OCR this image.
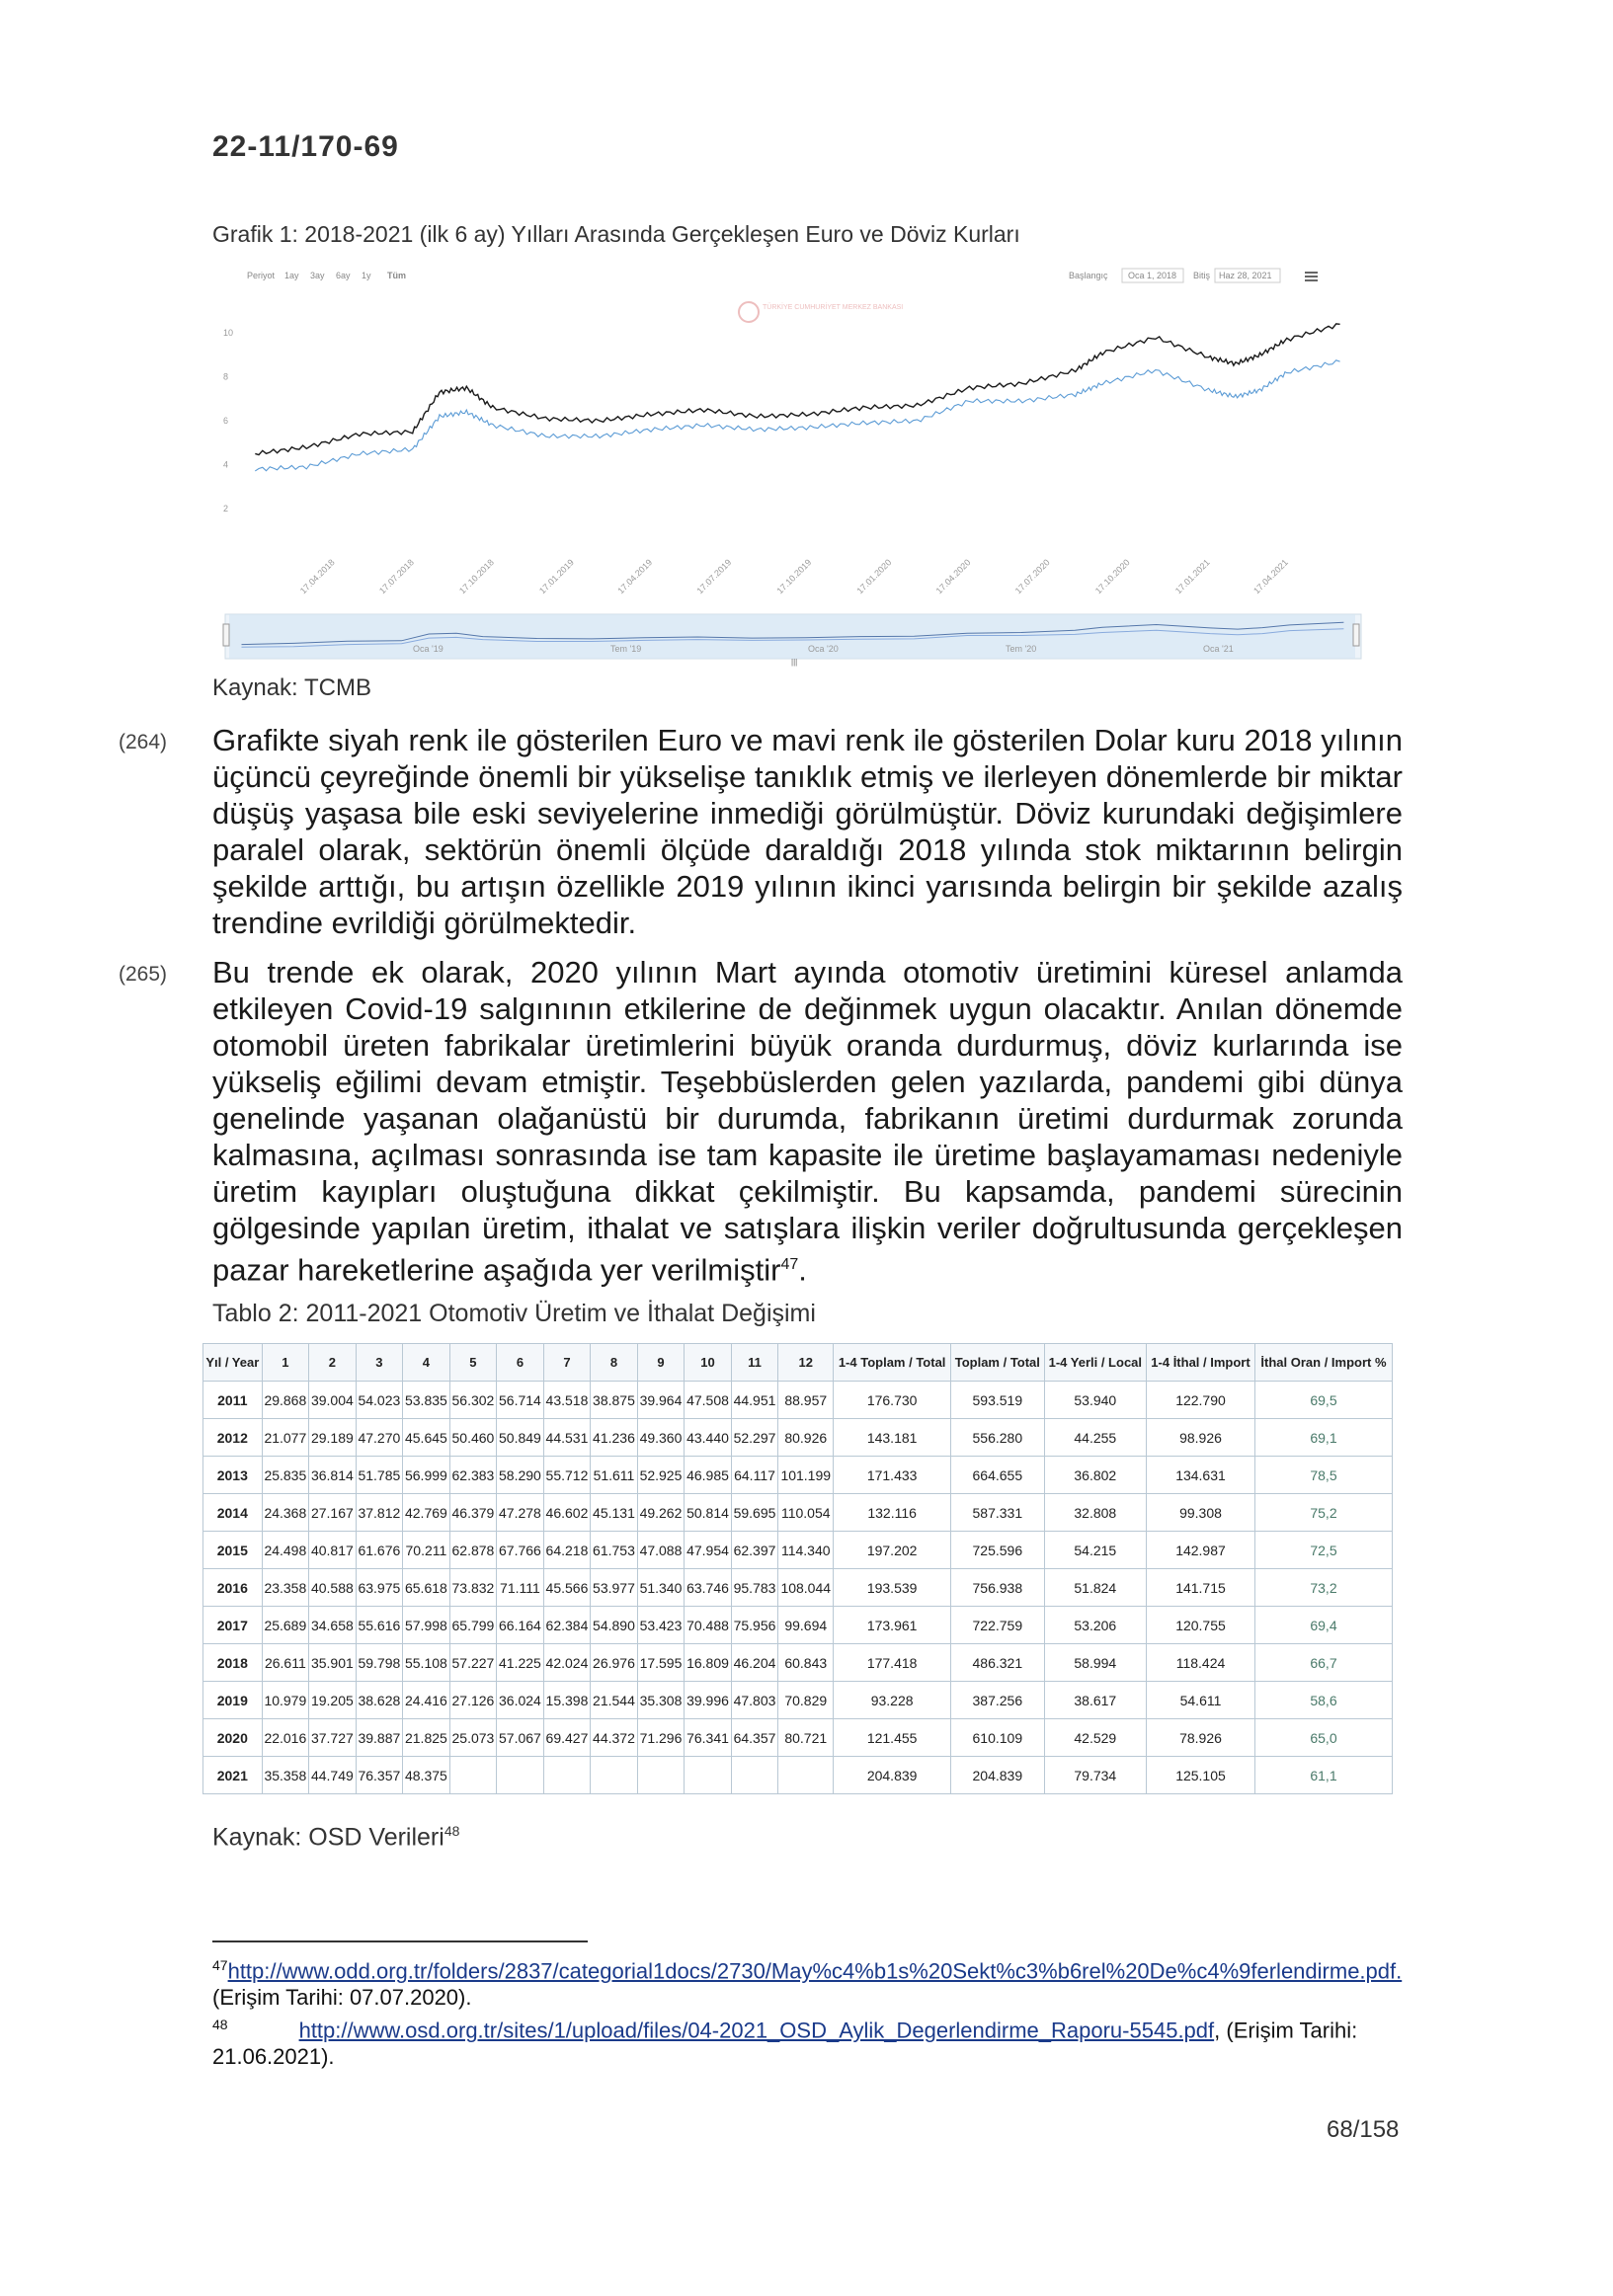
22-11/170-69
Grafik 1: 2018-2021 (ilk 6 ay) Yılları Arasında Gerçekleşen Euro ve Döviz Kurları
Periyot 1ay 3ay 6ay 1y Tüm	Başlangıç Oca 1, 2018 Bitiş Haz 28, 2021
TÜRKİYE CUMHURİYET MERKEZ BANKASI
2
4
6
8
10
17.04.2018	17.07.2018	17.10.2018	17.01.2019	17.04.2019	17.07.2019	17.10.2019	17.01.2020	17.04.2020	17.07.2020	17.10.2020	17.01.2021	17.04.2021
Oca '19	Tem '19	Oca '20	Tem '20	Oca '21
|||
Kaynak: TCMB
(264) Grafikte siyah renk ile gösterilen Euro ve mavi renk ile gösterilen Dolar kuru 2018 yılının üçüncü çeyreğinde önemli bir yükselişe tanıklık etmiş ve ilerleyen dönemlerde bir miktar düşüş yaşasa bile eski seviyelerine inmediği görülmüştür. Döviz kurundaki değişimlere paralel olarak, sektörün önemli ölçüde daraldığı 2018 yılında stok miktarının belirgin şekilde arttığı, bu artışın özellikle 2019 yılının ikinci yarısında belirgin bir şekilde azalış trendine evrildiği görülmektedir.
(265) Bu trende ek olarak, 2020 yılının Mart ayında otomotiv üretimini küresel anlamda etkileyen Covid-19 salgınının etkilerine de değinmek uygun olacaktır. Anılan dönemde otomobil üreten fabrikalar üretimlerini büyük oranda durdurmuş, döviz kurlarında ise yükseliş eğilimi devam etmiştir. Teşebbüslerden gelen yazılarda, pandemi gibi dünya genelinde yaşanan olağanüstü bir durumda, fabrikanın üretimi durdurmak zorunda kalmasına, açılması sonrasında ise tam kapasite ile üretime başlayamaması nedeniyle üretim kayıpları oluştuğuna dikkat çekilmiştir. Bu kapsamda, pandemi sürecinin gölgesinde yapılan üretim, ithalat ve satışlara ilişkin veriler doğrultusunda gerçekleşen pazar hareketlerine aşağıda yer verilmiştir$^{47}$.
Tablo 2: 2011-2021 Otomotiv Üretim ve İthalat Değişimi
Yıl / Year	1	2	3	4	5	6	7	8	9	10	11	12	1-4 Toplam / Total	Toplam / Total	1-4 Yerli / Local	1-4 İthal / Import	İthal Oran / Import %
2011	29.868	39.004	54.023	53.835	56.302	56.714	43.518	38.875	39.964	47.508	44.951	88.957	176.730	593.519	53.940	122.790	69,5
2012	21.077	29.189	47.270	45.645	50.460	50.849	44.531	41.236	49.360	43.440	52.297	80.926	143.181	556.280	44.255	98.926	69,1
2013	25.835	36.814	51.785	56.999	62.383	58.290	55.712	51.611	52.925	46.985	64.117	101.199	171.433	664.655	36.802	134.631	78,5
2014	24.368	27.167	37.812	42.769	46.379	47.278	46.602	45.131	49.262	50.814	59.695	110.054	132.116	587.331	32.808	99.308	75,2
2015	24.498	40.817	61.676	70.211	62.878	67.766	64.218	61.753	47.088	47.954	62.397	114.340	197.202	725.596	54.215	142.987	72,5
2016	23.358	40.588	63.975	65.618	73.832	71.111	45.566	53.977	51.340	63.746	95.783	108.044	193.539	756.938	51.824	141.715	73,2
2017	25.689	34.658	55.616	57.998	65.799	66.164	62.384	54.890	53.423	70.488	75.956	99.694	173.961	722.759	53.206	120.755	69,4
2018	26.611	35.901	59.798	55.108	57.227	41.225	42.024	26.976	17.595	16.809	46.204	60.843	177.418	486.321	58.994	118.424	66,7
2019	10.979	19.205	38.628	24.416	27.126	36.024	15.398	21.544	35.308	39.996	47.803	70.829	93.228	387.256	38.617	54.611	58,6
2020	22.016	37.727	39.887	21.825	25.073	57.067	69.427	44.372	71.296	76.341	64.357	80.721	121.455	610.109	42.529	78.926	65,0
2021	35.358	44.749	76.357	48.375									204.839	204.839	79.734	125.105	61,1
Kaynak: OSD Verileri$^{48}$
$^{47}$http://www.odd.org.tr/folders/2837/categorial1docs/2730/May%c4%b1s%20Sekt%c3%b6rel%20De%c4%9ferlendirme.pdf. (Erişim Tarihi: 07.07.2020).
$^{48}$	http://www.osd.org.tr/sites/1/upload/files/04-2021_OSD_Aylik_Degerlendirme_Raporu-5545.pdf, (Erişim Tarihi: 21.06.2021).
68/158
